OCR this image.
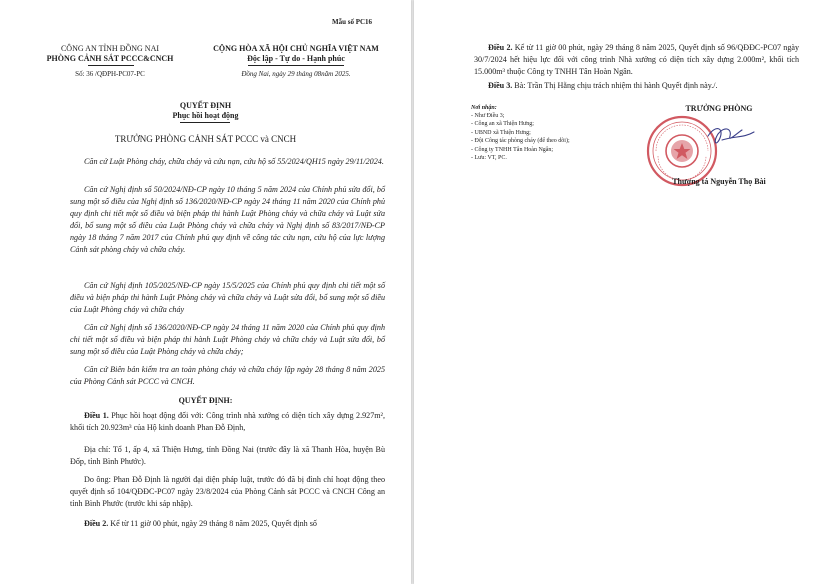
Mẫu số PC16
CÔNG AN TỈNH ĐỒNG NAI
PHÒNG CẢNH SÁT PCCC&CNCH
Số: 36 /QĐPH-PC07-PC
CỘNG HÒA XÃ HỘI CHỦ NGHĨA VIỆT NAM
Độc lập - Tự do - Hạnh phúc
Đồng Nai, ngày 29 tháng 08năm 2025.
QUYẾT ĐỊNH
Phục hồi hoạt động
TRƯỞNG PHÒNG CẢNH SÁT PCCC và CNCH
Căn cứ Luật Phòng cháy, chữa cháy và cứu nạn, cứu hộ số 55/2024/QH15 ngày 29/11/2024.
Căn cứ Nghị định số 50/2024/NĐ-CP ngày 10 tháng 5 năm 2024 của Chính phủ sửa đổi, bổ sung một số điều của Nghị định số 136/2020/NĐ-CP ngày 24 tháng 11 năm 2020 của Chính phủ quy định chi tiết một số điều và biện pháp thi hành Luật Phòng cháy và chữa cháy và Luật sửa đổi, bổ sung một số điều của Luật Phòng cháy và chữa cháy và Nghị định số 83/2017/NĐ-CP ngày 18 tháng 7 năm 2017 của Chính phủ quy định về công tác cứu nạn, cứu hộ của lực lượng Cảnh sát phòng cháy và chữa cháy.
Căn cứ Nghị định 105/2025/NĐ-CP ngày 15/5/2025 của Chính phủ quy định chi tiết một số điều và biện pháp thi hành Luật Phòng cháy và chữa cháy và Luật sửa đổi, bổ sung một số điều của Luật Phòng cháy và chữa cháy
Căn cứ Nghị định số 136/2020/NĐ-CP ngày 24 tháng 11 năm 2020 của Chính phủ quy định chi tiết một số điều và biện pháp thi hành Luật Phòng cháy và chữa cháy và Luật sửa đổi, bổ sung một số điều của Luật Phòng cháy và chữa cháy;
Căn cứ Biên bản kiểm tra an toàn phòng cháy và chữa cháy lập ngày 28 tháng 8 năm 2025 của Phòng Cảnh sát PCCC và CNCH.
QUYẾT ĐỊNH:
Điều 1. Phục hồi hoạt động đối với: Công trình nhà xưởng có diện tích xây dựng 2.927m², khối tích 20.923m³ của Hộ kinh doanh Phan Đỗ Định,
Địa chỉ: Tổ 1, ấp 4, xã Thiện Hưng, tỉnh Đồng Nai (trước đây là xã Thanh Hòa, huyện Bù Đốp, tỉnh Bình Phước).
Do ông: Phan Đỗ Định là người đại diện pháp luật, trước đó đã bị đình chỉ hoạt động theo quyết định số 104/QĐĐC-PC07 ngày 23/8/2024 của Phòng Cảnh sát PCCC và CNCH Công an tỉnh Bình Phước (trước khi sáp nhập).
Điều 2. Kể từ 11 giờ 00 phút, ngày 29 tháng 8 năm 2025, Quyết định số
Điều 2. Kể từ 11 giờ 00 phút, ngày 29 tháng 8 năm 2025, Quyết định số 96/QĐĐC-PC07 ngày 30/7/2024 hết hiệu lực đối với công trình Nhà xưởng có diện tích xây dựng 2.000m², khối tích 15.000m³ thuộc Công ty TNHH Tân Hoàn Ngân.
Điều 3. Bà: Trần Thị Hằng chịu trách nhiệm thi hành Quyết định này./.
Nơi nhận:
- Như Điều 3;
- Công an xã Thiện Hưng;
- UBND xã Thiện Hưng;
- Đội Công tác phòng cháy (để theo dõi);
- Công ty TNHH Tân Hoàn Ngân;
- Lưu: VT, PC.
TRƯỞNG PHÒNG
Thượng tá Nguyễn Thọ Bài
